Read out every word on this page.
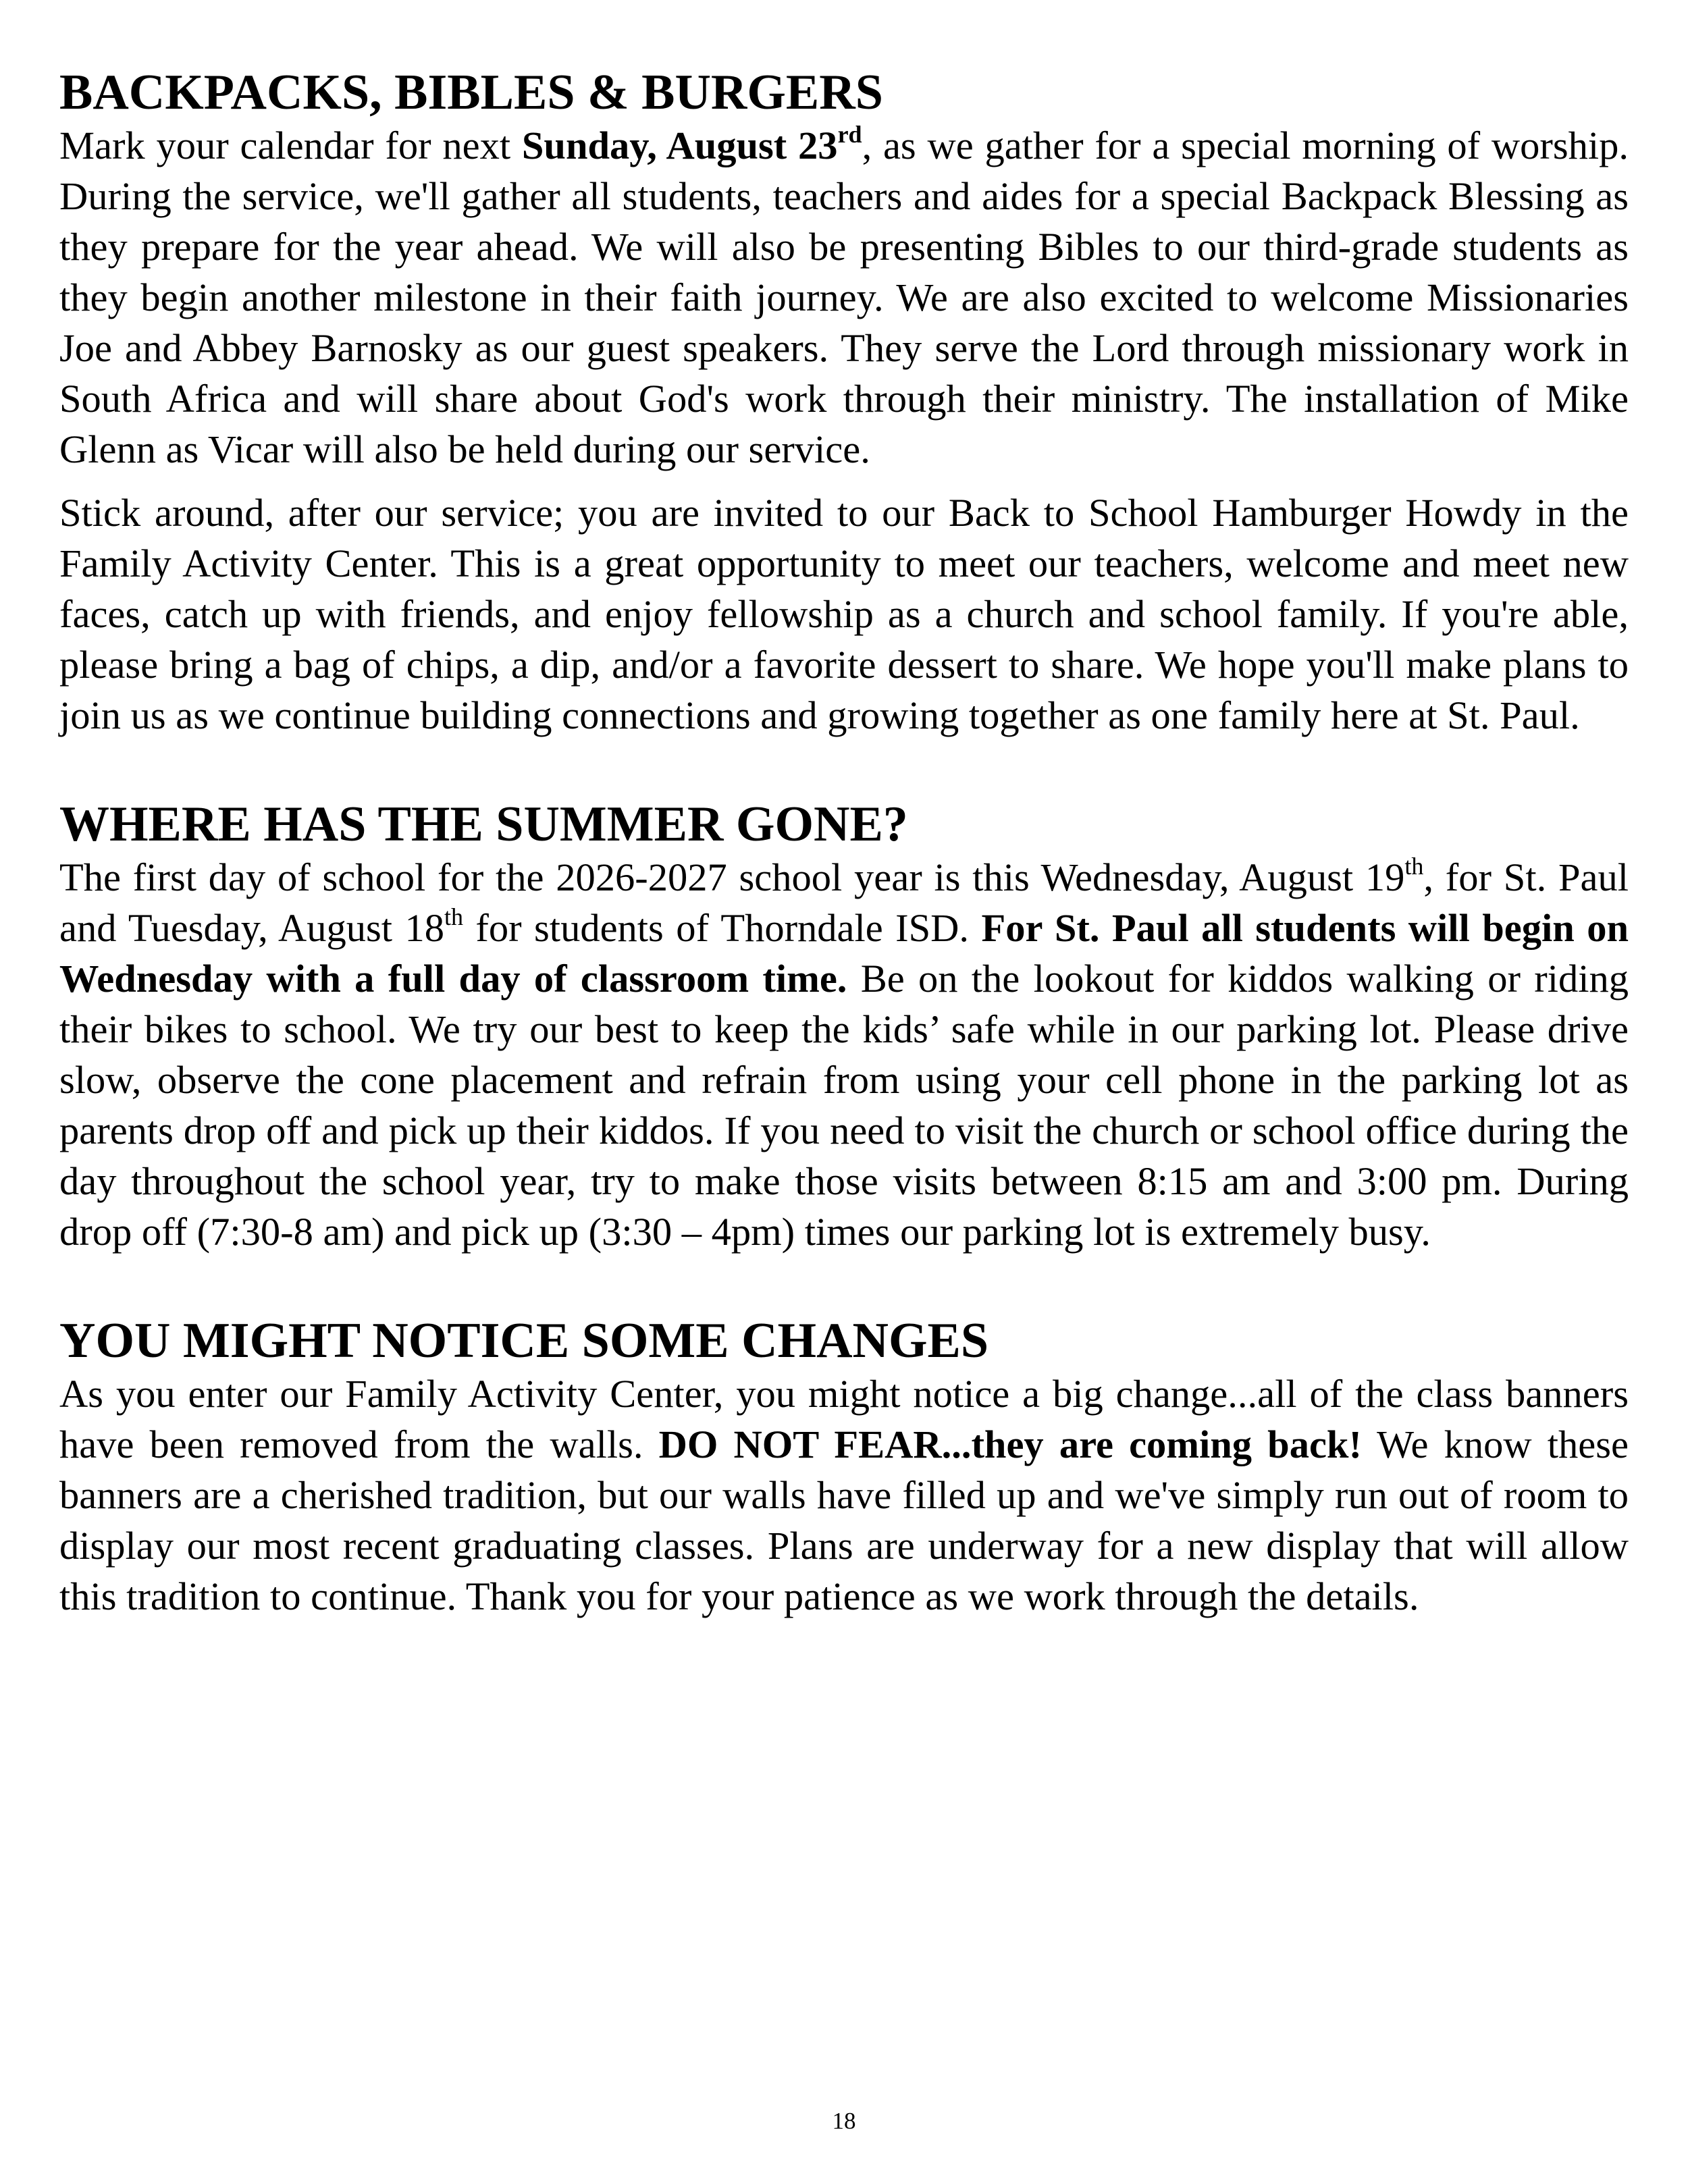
BACKPACKS, BIBLES & BURGERS

Mark your calendar for next Sunday, August 23rd, as we gather for a special morning of worship. During the service, we'll gather all students, teachers and aides for a special Backpack Blessing as they prepare for the year ahead. We will also be presenting Bibles to our third-grade students as they begin another milestone in their faith journey. We are also excited to welcome Missionaries Joe and Abbey Barnosky as our guest speakers. They serve the Lord through missionary work in South Africa and will share about God's work through their ministry. The installation of Mike Glenn as Vicar will also be held during our service.

Stick around, after our service; you are invited to our Back to School Hamburger Howdy in the Family Activity Center. This is a great opportunity to meet our teachers, welcome and meet new faces, catch up with friends, and enjoy fellowship as a church and school family. If you're able, please bring a bag of chips, a dip, and/or a favorite dessert to share. We hope you'll make plans to join us as we continue building connections and growing together as one family here at St. Paul.

WHERE HAS THE SUMMER GONE?

The first day of school for the 2026-2027 school year is this Wednesday, August 19th, for St. Paul and Tuesday, August 18th for students of Thorndale ISD. For St. Paul all students will begin on Wednesday with a full day of classroom time. Be on the lookout for kiddos walking or riding their bikes to school. We try our best to keep the kids’ safe while in our parking lot. Please drive slow, observe the cone placement and refrain from using your cell phone in the parking lot as parents drop off and pick up their kiddos. If you need to visit the church or school office during the day throughout the school year, try to make those visits between 8:15 am and 3:00 pm. During drop off (7:30-8 am) and pick up (3:30 – 4pm) times our parking lot is extremely busy.

YOU MIGHT NOTICE SOME CHANGES

As you enter our Family Activity Center, you might notice a big change...all of the class banners have been removed from the walls. DO NOT FEAR...they are coming back! We know these banners are a cherished tradition, but our walls have filled up and we've simply run out of room to display our most recent graduating classes. Plans are underway for a new display that will allow this tradition to continue. Thank you for your patience as we work through the details.

18
